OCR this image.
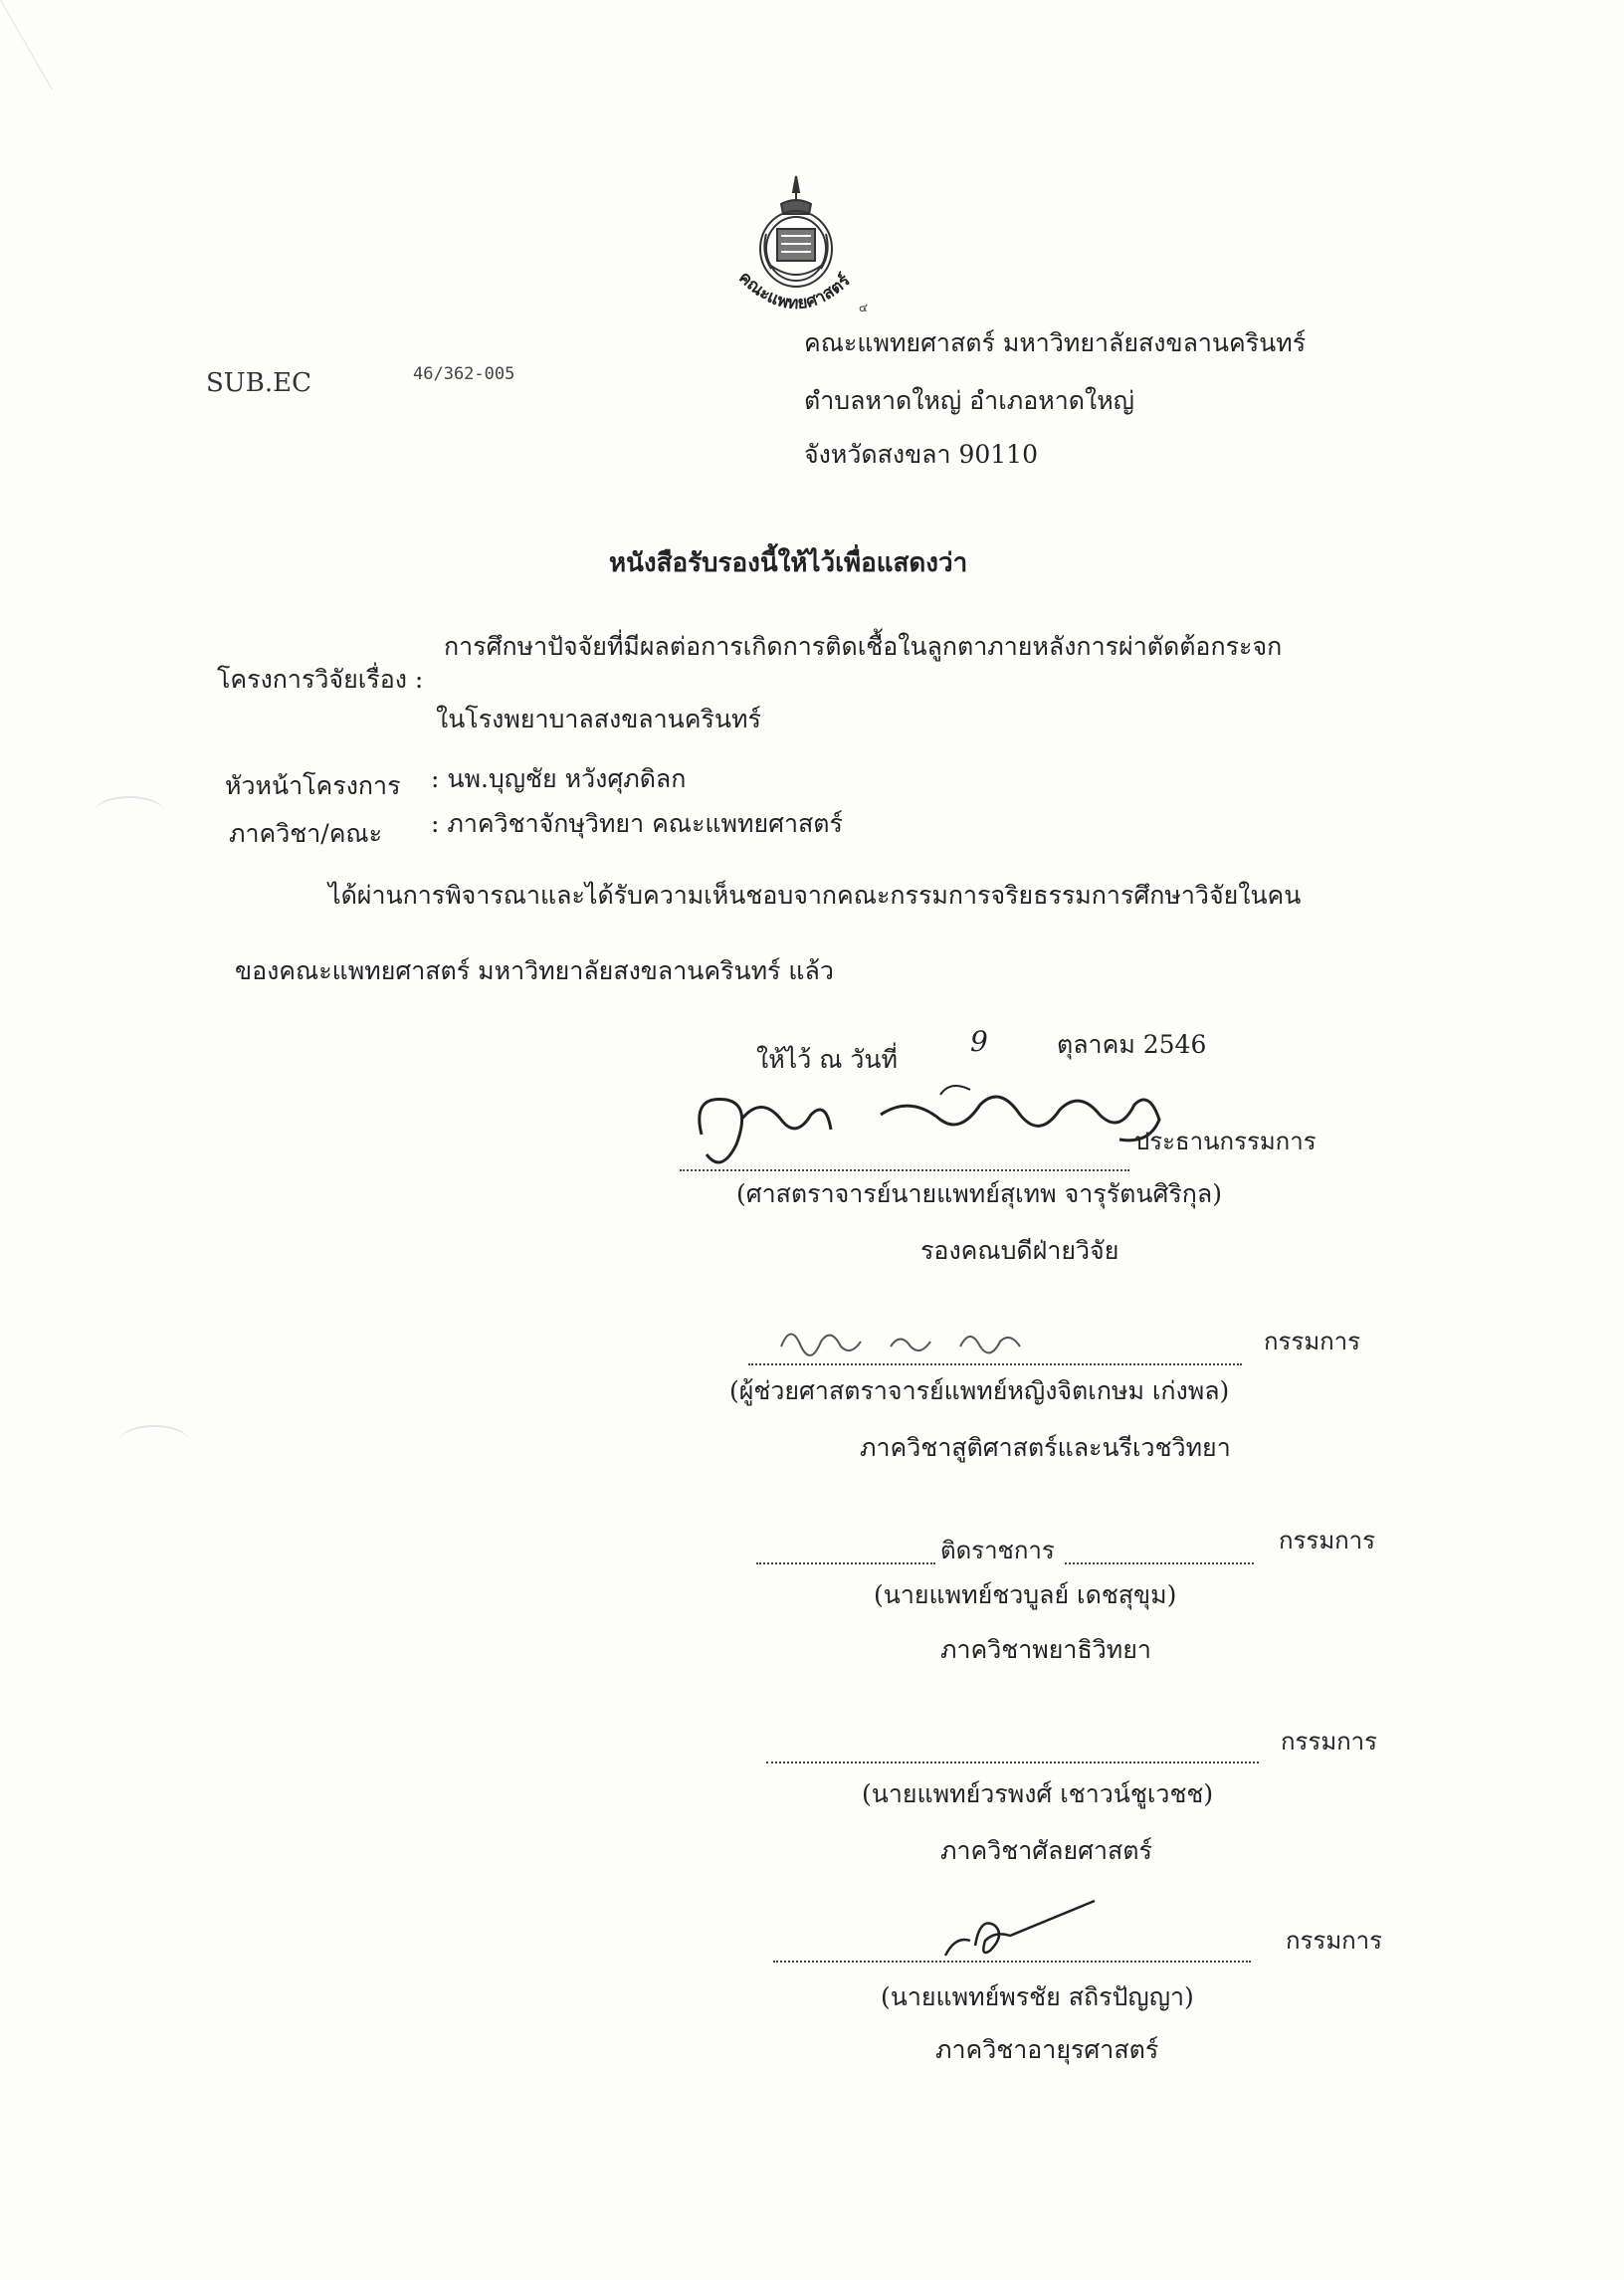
คณะแพทยศาสตร์
๔
SUB.EC	46/362-005
คณะแพทยศาสตร์ มหาวิทยาลัยสงขลานครินทร์
ตำบลหาดใหญ่ อำเภอหาดใหญ่
จังหวัดสงขลา 90110
หนังสือรับรองนี้ให้ไว้เพื่อแสดงว่า
โครงการวิจัยเรื่อง :
การศึกษาปัจจัยที่มีผลต่อการเกิดการติดเชื้อในลูกตาภายหลังการผ่าตัดต้อกระจก
ในโรงพยาบาลสงขลานครินทร์
หัวหน้าโครงการ : นพ.บุญชัย หวังศุภดิลก
ภาควิชา/คณะ : ภาควิชาจักษุวิทยา คณะแพทยศาสตร์
ได้ผ่านการพิจารณาและได้รับความเห็นชอบจากคณะกรรมการจริยธรรมการศึกษาวิจัยในคน
ของคณะแพทยศาสตร์ มหาวิทยาลัยสงขลานครินทร์ แล้ว
ให้ไว้ ณ วันที่
9	ตุลาคม 2546
ประธานกรรมการ
(ศาสตราจารย์นายแพทย์สุเทพ จารุรัตนศิริกุล)
รองคณบดีฝ่ายวิจัย
กรรมการ
(ผู้ช่วยศาสตราจารย์แพทย์หญิงจิตเกษม เก่งพล)
ภาควิชาสูติศาสตร์และนรีเวชวิทยา
ติดราชการ	กรรมการ
(นายแพทย์ชวบูลย์ เดชสุขุม)
ภาควิชาพยาธิวิทยา
กรรมการ
(นายแพทย์วรพงศ์ เชาวน์ชูเวชช)
ภาควิชาศัลยศาสตร์
กรรมการ
(นายแพทย์พรชัย สถิรปัญญา)
ภาควิชาอายุรศาสตร์
